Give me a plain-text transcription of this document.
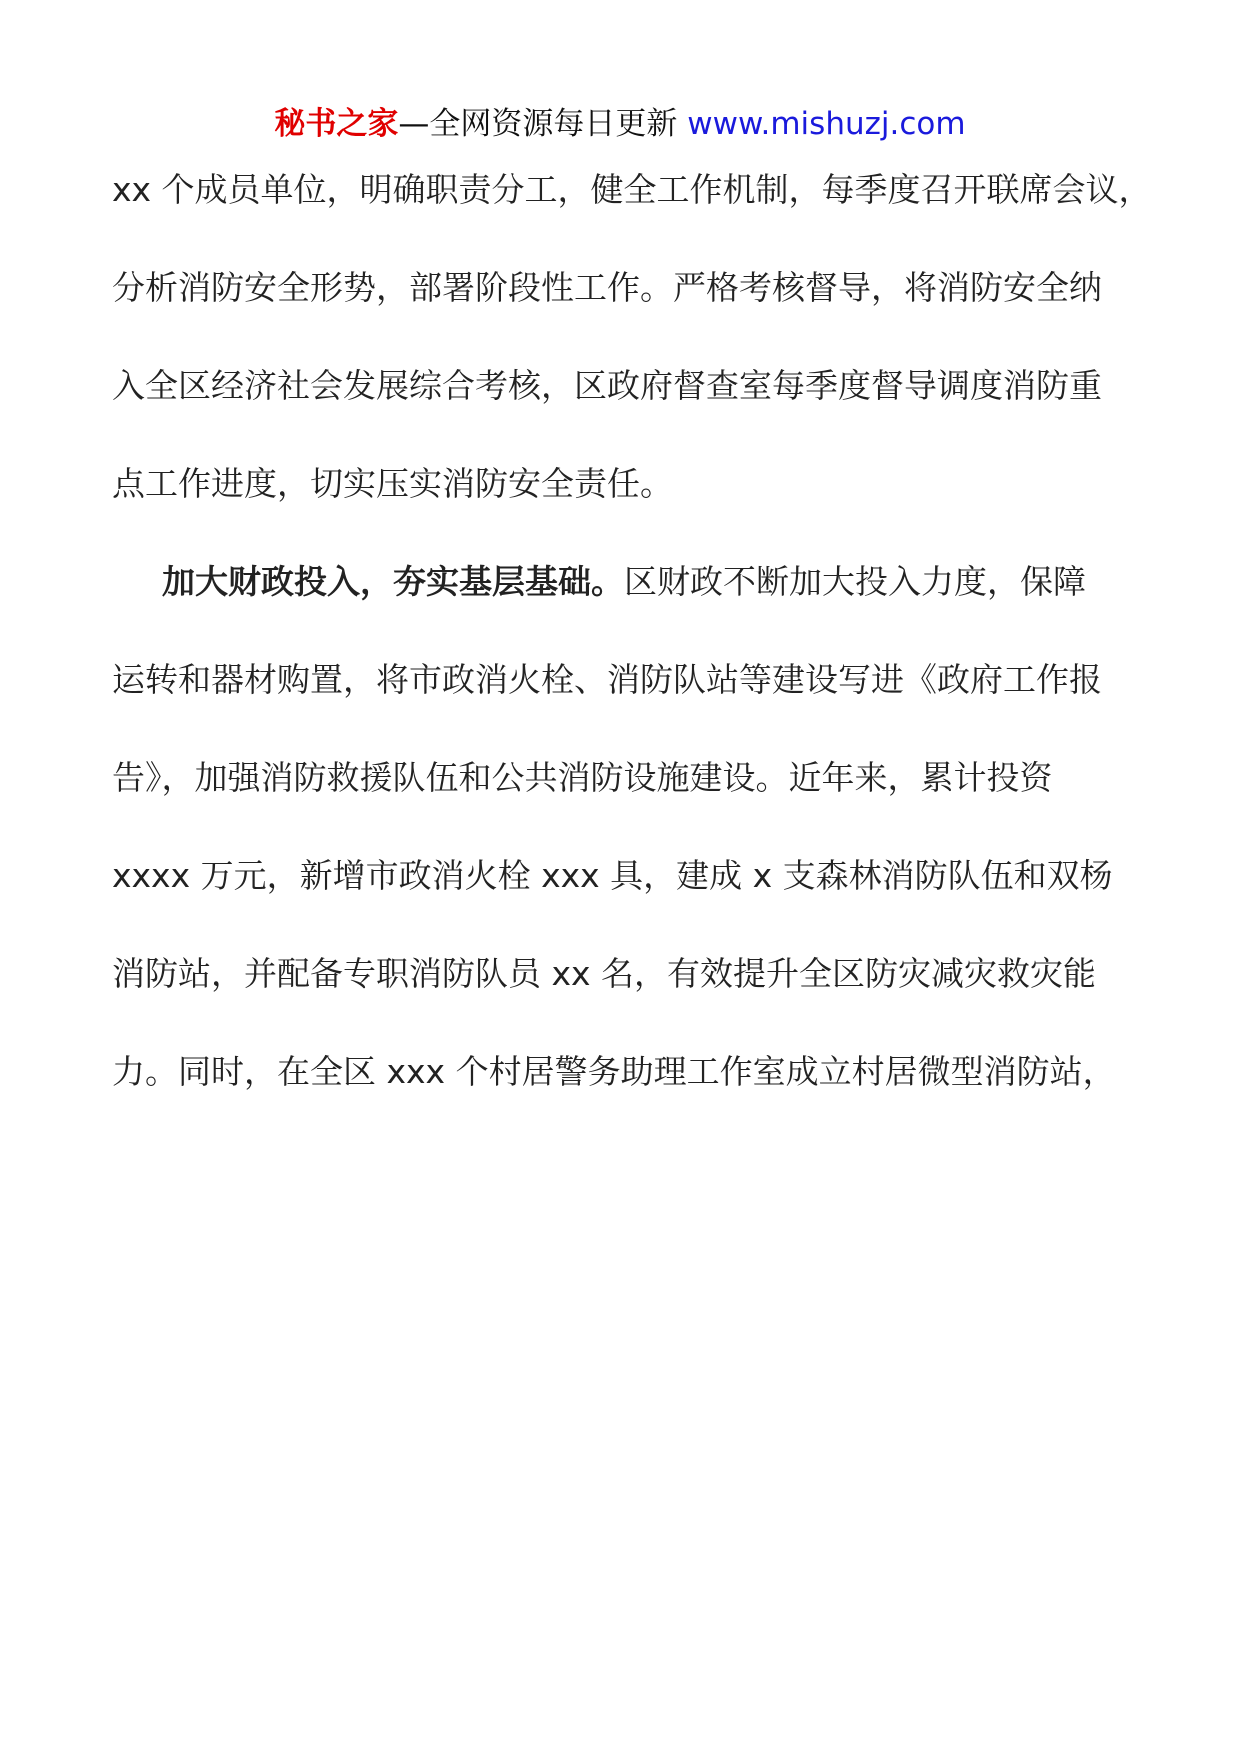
秘书之家—全网资源每日更新 www.mishuzj.com
xx 个成员单位，明确职责分工，健全工作机制，每季度召开联席会议，
分析消防安全形势，部署阶段性工作。严格考核督导，将消防安全纳
入全区经济社会发展综合考核，区政府督查室每季度督导调度消防重
点工作进度，切实压实消防安全责任。
加大财政投入，夯实基层基础。区财政不断加大投入力度，保障
运转和器材购置，将市政消火栓、消防队站等建设写进《政府工作报
告》，加强消防救援队伍和公共消防设施建设。近年来，累计投资
xxxx 万元，新增市政消火栓 xxx 具，建成 x 支森林消防队伍和双杨
消防站，并配备专职消防队员 xx 名，有效提升全区防灾减灾救灾能
力。同时，在全区 xxx 个村居警务助理工作室成立村居微型消防站，
